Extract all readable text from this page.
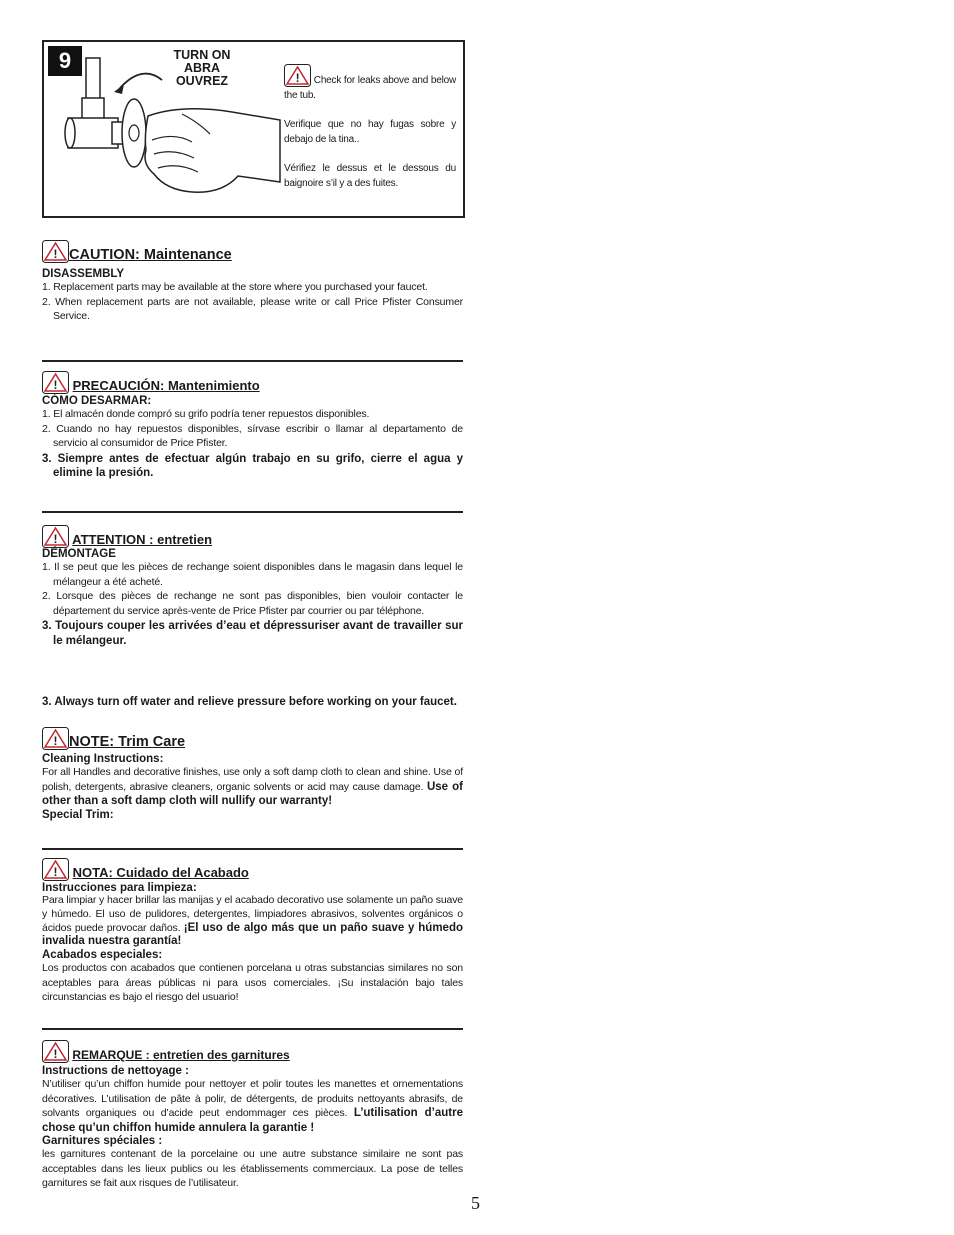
9	TURN ON
ABRA
OUVREZ	! Check for leaks above and below the tub.

Verifique que no hay fugas sobre y debajo de la tina..

Vérifiez le dessus et le dessous du baignoire s’il y a des fuites.

! CAUTION: Maintenance
DISASSEMBLY

1. Replacement parts may be available at the store where you purchased your faucet.

2. When replacement parts are not available, please write or call Price Pfister Consumer Service.

! PRECAUCIÓN: Mantenimiento
CÓMO DESARMAR:

1. El almacén donde compró su grifo podría tener repuestos disponibles.

2. Cuando no hay repuestos disponibles, sírvase escribir o llamar al departamento de servicio al consumidor de Price Pfister.

3. Siempre antes de efectuar algún trabajo en su grifo, cierre el agua y elimine la presión.

! ATTENTION : entretien
DÉMONTAGE

1. Il se peut que les pièces de rechange soient disponibles dans le magasin dans lequel le mélangeur a été acheté.

2. Lorsque des pièces de rechange ne sont pas disponibles, bien vouloir contacter le département du service après-vente de Price Pfister par courrier ou par téléphone.

3. Toujours couper les arrivées d’eau et dépressuriser avant de travailler sur le mélangeur.

3. Always turn off water and relieve pressure before working on your faucet.

! NOTE: Trim Care
Cleaning Instructions:

For all Handles and decorative finishes, use only a soft damp cloth to clean and shine. Use of polish, detergents, abrasive cleaners, organic solvents or acid may cause damage. Use of other than a soft damp cloth will nullify our warranty!

Special Trim:
! NOTA: Cuidado del Acabado
Instrucciones para limpieza:

Para limpiar y hacer brillar las manijas y el acabado decorativo use solamente un paño suave y húmedo. El uso de pulidores, detergentes, limpiadores abrasivos, solventes orgánicos o ácidos puede provocar daños. ¡El uso de algo más que un paño suave y húmedo invalida nuestra garantía!

Acabados especiales:

Los productos con acabados que contienen porcelana u otras substancias similares no son aceptables para áreas públicas ni para usos comerciales. ¡Su instalación bajo tales circunstancias es bajo el riesgo del usuario!

! REMARQUE : entretien des garnitures
Instructions de nettoyage :

N’utiliser qu’un chiffon humide pour nettoyer et polir toutes les manettes et ornementations décoratives. L’utilisation de pâte à polir, de détergents, de produits nettoyants abrasifs, de solvants organiques ou d’acide peut endommager ces pièces. L’utilisation d’autre chose qu’un chiffon humide annulera la garantie !

Garnitures spéciales :

les garnitures contenant de la porcelaine ou une autre substance similaire ne sont pas acceptables dans les lieux publics ou les établissements commerciaux. La pose de telles garnitures se fait aux risques de l’utilisateur.

5
